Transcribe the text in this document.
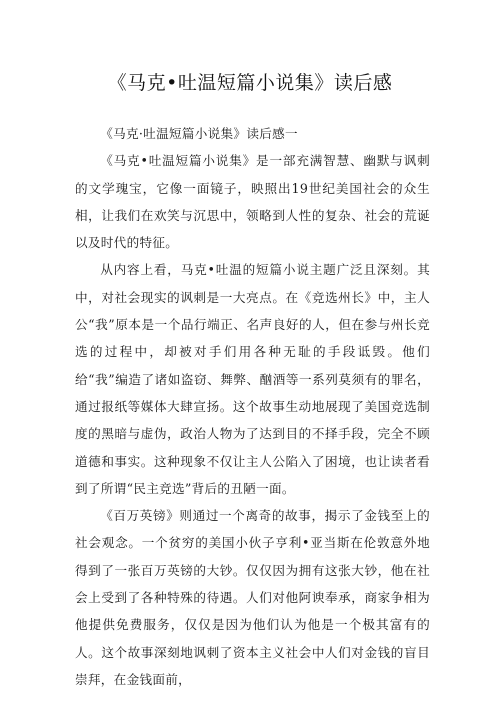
《马克•吐温短篇小说集》读后感

《马克·吐温短篇小说集》读后感一

《马克•吐温短篇小说集》是一部充满智慧、幽默与讽刺的文学瑰宝，它像一面镜子，映照出19世纪美国社会的众生相，让我们在欢笑与沉思中，领略到人性的复杂、社会的荒诞以及时代的特征。

从内容上看，马克•吐温的短篇小说主题广泛且深刻。其中，对社会现实的讽刺是一大亮点。在《竞选州长》中，主人公“我”原本是一个品行端正、名声良好的人，但在参与州长竞选的过程中，却被对手们用各种无耻的手段诋毁。他们给“我”编造了诸如盗窃、舞弊、酗酒等一系列莫须有的罪名，通过报纸等媒体大肆宣扬。这个故事生动地展现了美国竞选制度的黑暗与虚伪，政治人物为了达到目的不择手段，完全不顾道德和事实。这种现象不仅让主人公陷入了困境，也让读者看到了所谓“民主竞选”背后的丑陋一面。

《百万英镑》则通过一个离奇的故事，揭示了金钱至上的社会观念。一个贫穷的美国小伙子亨利•亚当斯在伦敦意外地得到了一张百万英镑的大钞。仅仅因为拥有这张大钞，他在社会上受到了各种特殊的待遇。人们对他阿谀奉承，商家争相为他提供免费服务，仅仅是因为他们认为他是一个极其富有的人。这个故事深刻地讽刺了资本主义社会中人们对金钱的盲目崇拜，在金钱面前，
